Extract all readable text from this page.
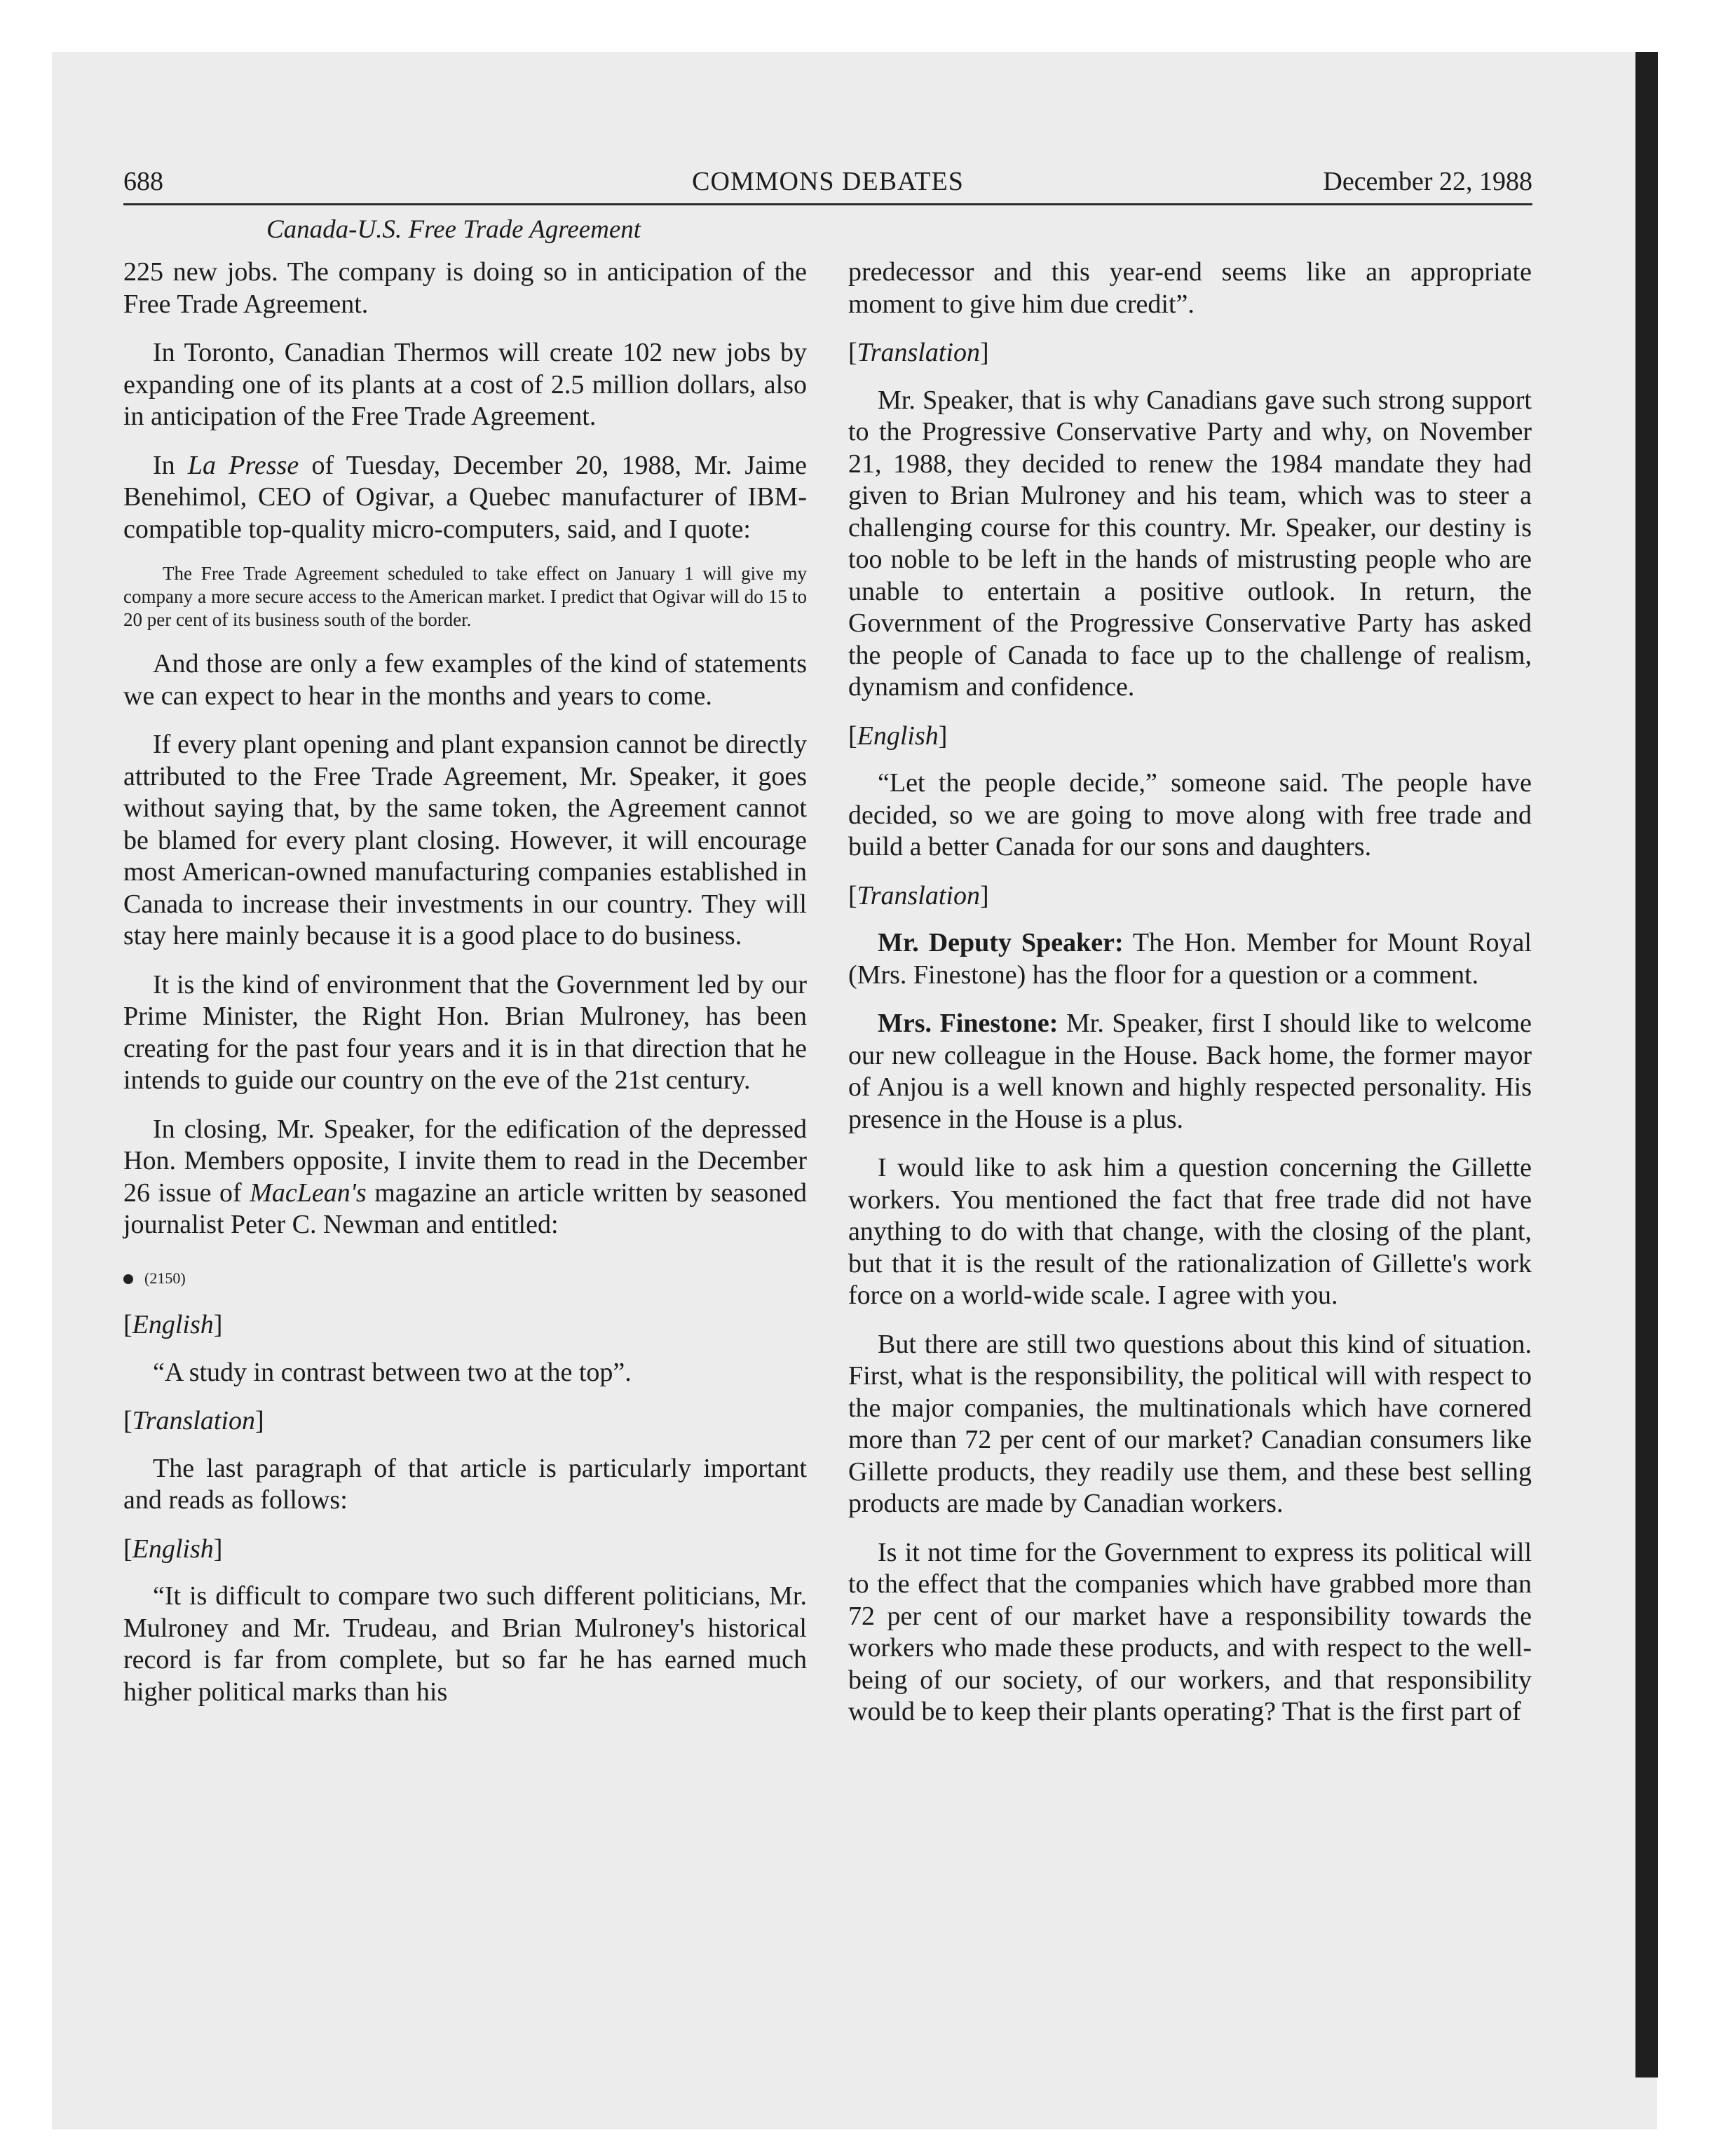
COMMONS DEBATES
688	December 22, 1988
Canada-U.S. Free Trade Agreement

225 new jobs. The company is doing so in anticipation of the Free Trade Agreement.

In Toronto, Canadian Thermos will create 102 new jobs by expanding one of its plants at a cost of 2.5 million dollars, also in anticipation of the Free Trade Agreement.

In La Presse of Tuesday, December 20, 1988, Mr. Jaime Benehimol, CEO of Ogivar, a Quebec manufacturer of IBM-compatible top-quality micro-computers, said, and I quote:

The Free Trade Agreement scheduled to take effect on January 1 will give my company a more secure access to the American market. I predict that Ogivar will do 15 to 20 per cent of its business south of the border.

And those are only a few examples of the kind of statements we can expect to hear in the months and years to come.

If every plant opening and plant expansion cannot be directly attributed to the Free Trade Agreement, Mr. Speaker, it goes without saying that, by the same token, the Agreement cannot be blamed for every plant closing. However, it will encourage most American-owned manufacturing companies established in Canada to increase their investments in our country. They will stay here mainly because it is a good place to do business.

It is the kind of environment that the Government led by our Prime Minister, the Right Hon. Brian Mulroney, has been creating for the past four years and it is in that direction that he intends to guide our country on the eve of the 21st century.

In closing, Mr. Speaker, for the edification of the depressed Hon. Members opposite, I invite them to read in the December 26 issue of MacLean's magazine an article written by seasoned journalist Peter C. Newman and entitled:

(2150)
[English]

“A study in contrast between two at the top”.

[Translation]

The last paragraph of that article is particularly important and reads as follows:

[English]

“It is difficult to compare two such different politicians, Mr. Mulroney and Mr. Trudeau, and Brian Mulroney's historical record is far from complete, but so far he has earned much higher political marks than his

predecessor and this year-end seems like an appropriate moment to give him due credit”.

[Translation]

Mr. Speaker, that is why Canadians gave such strong support to the Progressive Conservative Party and why, on November 21, 1988, they decided to renew the 1984 mandate they had given to Brian Mulroney and his team, which was to steer a challenging course for this country. Mr. Speaker, our destiny is too noble to be left in the hands of mistrusting people who are unable to entertain a positive outlook. In return, the Government of the Progressive Conservative Party has asked the people of Canada to face up to the challenge of realism, dynamism and confidence.

[English]

“Let the people decide,” someone said. The people have decided, so we are going to move along with free trade and build a better Canada for our sons and daughters.

[Translation]

Mr. Deputy Speaker: The Hon. Member for Mount Royal (Mrs. Finestone) has the floor for a question or a comment.

Mrs. Finestone: Mr. Speaker, first I should like to welcome our new colleague in the House. Back home, the former mayor of Anjou is a well known and highly respected personality. His presence in the House is a plus.

I would like to ask him a question concerning the Gillette workers. You mentioned the fact that free trade did not have anything to do with that change, with the closing of the plant, but that it is the result of the rationalization of Gillette's work force on a world-wide scale. I agree with you.

But there are still two questions about this kind of situation. First, what is the responsibility, the political will with respect to the major companies, the multinationals which have cornered more than 72 per cent of our market? Canadian consumers like Gillette products, they readily use them, and these best selling products are made by Canadian workers.

Is it not time for the Government to express its political will to the effect that the companies which have grabbed more than 72 per cent of our market have a responsibility towards the workers who made these products, and with respect to the well-being of our society, of our workers, and that responsibility would be to keep their plants operating? That is the first part of
